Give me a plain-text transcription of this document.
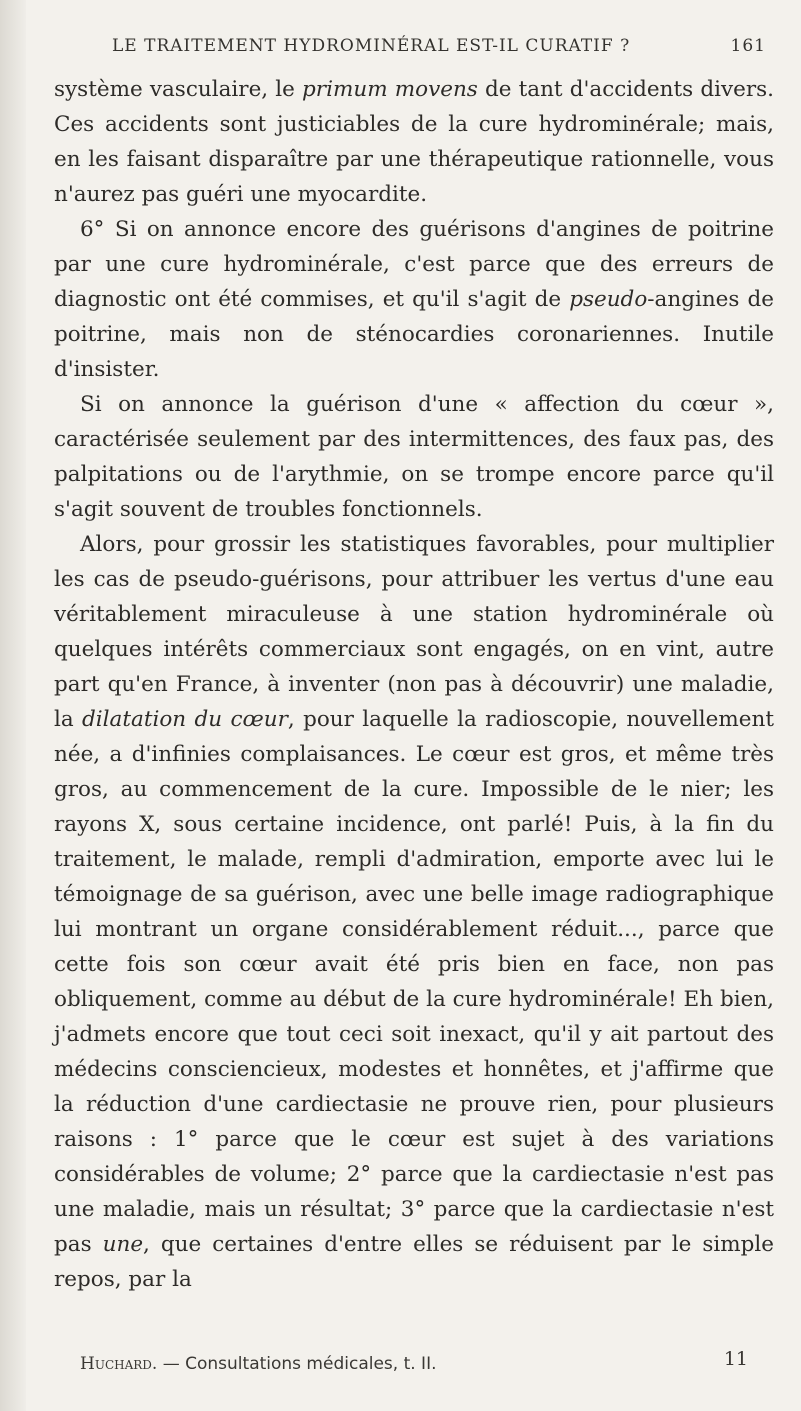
LE TRAITEMENT HYDROMINÉRAL EST-IL CURATIF ?	161

système vasculaire, le primum movens de tant d'accidents divers. Ces accidents sont justiciables de la cure hydrominérale; mais, en les faisant disparaître par une thérapeutique rationnelle, vous n'aurez pas guéri une myocardite.

6° Si on annonce encore des guérisons d'angines de poitrine par une cure hydrominérale, c'est parce que des erreurs de diagnostic ont été commises, et qu'il s'agit de pseudo-angines de poitrine, mais non de sténocardies coronariennes. Inutile d'insister.

Si on annonce la guérison d'une « affection du cœur », caractérisée seulement par des intermittences, des faux pas, des palpitations ou de l'arythmie, on se trompe encore parce qu'il s'agit souvent de troubles fonctionnels.

Alors, pour grossir les statistiques favorables, pour multiplier les cas de pseudo-guérisons, pour attribuer les vertus d'une eau véritablement miraculeuse à une station hydrominérale où quelques intérêts commerciaux sont engagés, on en vint, autre part qu'en France, à inventer (non pas à découvrir) une maladie, la dilatation du cœur, pour laquelle la radioscopie, nouvellement née, a d'infinies complaisances. Le cœur est gros, et même très gros, au commencement de la cure. Impossible de le nier; les rayons X, sous certaine incidence, ont parlé! Puis, à la fin du traitement, le malade, rempli d'admiration, emporte avec lui le témoignage de sa guérison, avec une belle image radiographique lui montrant un organe considérablement réduit..., parce que cette fois son cœur avait été pris bien en face, non pas obliquement, comme au début de la cure hydrominérale! Eh bien, j'admets encore que tout ceci soit inexact, qu'il y ait partout des médecins consciencieux, modestes et honnêtes, et j'affirme que la réduction d'une cardiectasie ne prouve rien, pour plusieurs raisons : 1° parce que le cœur est sujet à des variations considérables de volume; 2° parce que la cardiectasie n'est pas une maladie, mais un résultat; 3° parce que la cardiectasie n'est pas une, que certaines d'entre elles se réduisent par le simple repos, par la

Huchard. — Consultations médicales, t. II.	11
